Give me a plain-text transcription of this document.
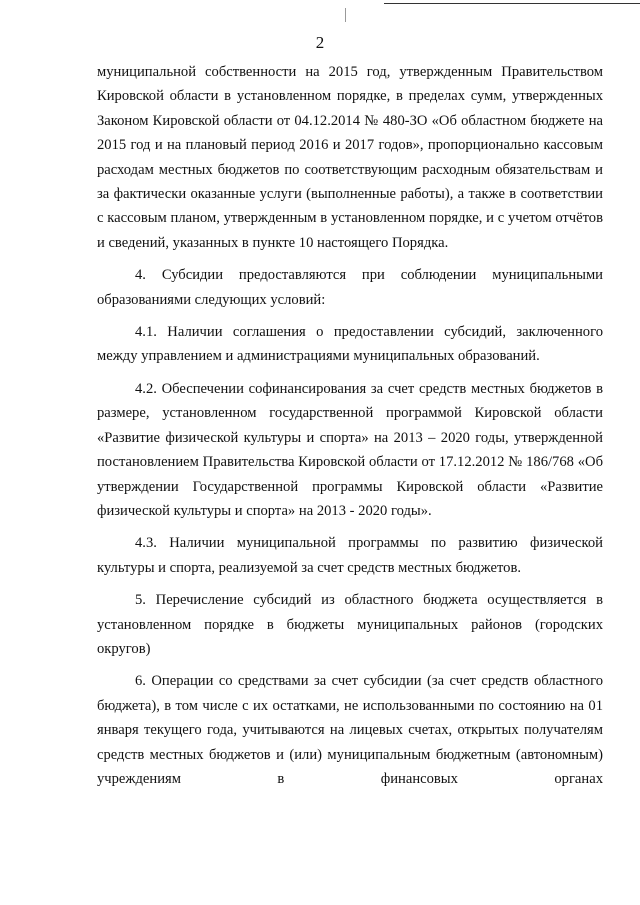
2

муниципальной собственности на 2015 год, утвержденным Правительством Кировской области в установленном порядке, в пределах сумм, утвержденных Законом Кировской области от 04.12.2014 № 480-ЗО «Об областном бюджете на 2015 год и на плановый период 2016 и 2017 годов», пропорционально кассовым расходам местных бюджетов по соответствующим расходным обязательствам и за фактически оказанные услуги (выполненные работы), а также в соответствии с кассовым планом, утвержденным в установленном порядке, и с учетом отчётов и сведений, указанных в пункте 10 настоящего Порядка.

4. Субсидии предоставляются при соблюдении муниципальными образованиями следующих условий:

4.1. Наличии соглашения о предоставлении субсидий, заключенного между управлением и администрациями муниципальных образований.

4.2. Обеспечении софинансирования за счет средств местных бюджетов в размере, установленном государственной программой Кировской области «Развитие физической культуры и спорта» на 2013 – 2020 годы, утвержденной постановлением Правительства Кировской области от 17.12.2012 № 186/768 «Об утверждении Государственной программы Кировской области «Развитие физической культуры и спорта» на 2013 - 2020 годы».

4.3. Наличии муниципальной программы по развитию физической культуры и спорта, реализуемой за счет средств местных бюджетов.

5. Перечисление субсидий из областного бюджета осуществляется в установленном порядке в бюджеты муниципальных районов (городских округов)

6. Операции со средствами за счет субсидии (за счет средств областного бюджета), в том числе с их остатками, не использованными по состоянию на 01 января текущего года, учитываются на лицевых счетах, открытых получателям средств местных бюджетов и (или) муниципальным бюджетным (автономным) учреждениям в финансовых органах
